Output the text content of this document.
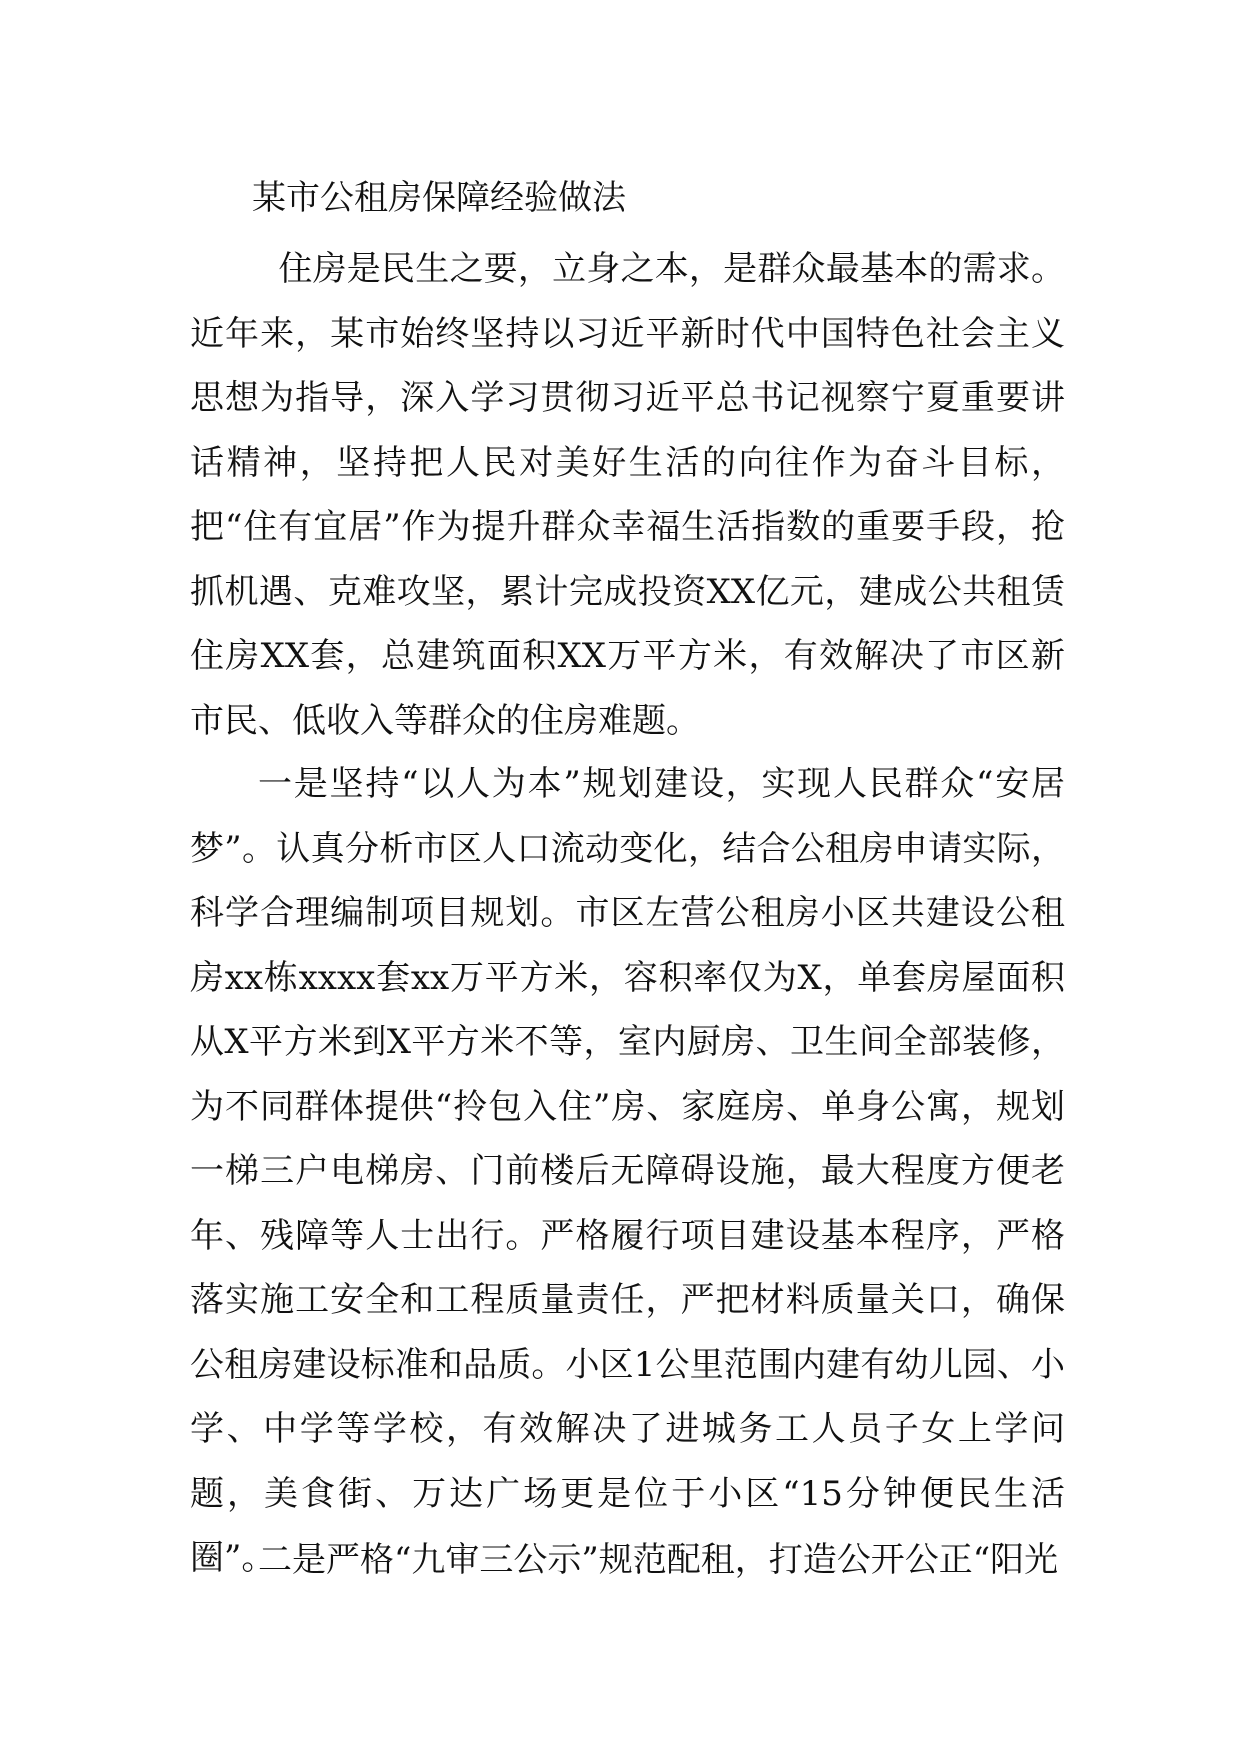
某市公租房保障经验做法

住房是民生之要，立身之本，是群众最基本的需求。近年来，某市始终坚持以习近平新时代中国特色社会主义思想为指导，深入学习贯彻习近平总书记视察宁夏重要讲话精神，坚持把人民对美好生活的向往作为奋斗目标，把“住有宜居”作为提升群众幸福生活指数的重要手段，抢抓机遇、克难攻坚，累计完成投资XX亿元，建成公共租赁住房XX套，总建筑面积XX万平方米，有效解决了市区新市民、低收入等群众的住房难题。

一是坚持“以人为本”规划建设，实现人民群众“安居梦”。认真分析市区人口流动变化，结合公租房申请实际，科学合理编制项目规划。市区左营公租房小区共建设公租房xx栋xxxx套xx万平方米，容积率仅为X，单套房屋面积从X平方米到X平方米不等，室内厨房、卫生间全部装修，为不同群体提供“拎包入住”房、家庭房、单身公寓，规划一梯三户电梯房、门前楼后无障碍设施，最大程度方便老年、残障等人士出行。严格履行项目建设基本程序，严格落实施工安全和工程质量责任，严把材料质量关口，确保公租房建设标准和品质。小区1公里范围内建有幼儿园、小学、中学等学校，有效解决了进城务工人员子女上学问题，美食街、万达广场更是位于小区“15分钟便民生活圈”。

二是严格“九审三公示”规范配租，打造公开公正“阳光
